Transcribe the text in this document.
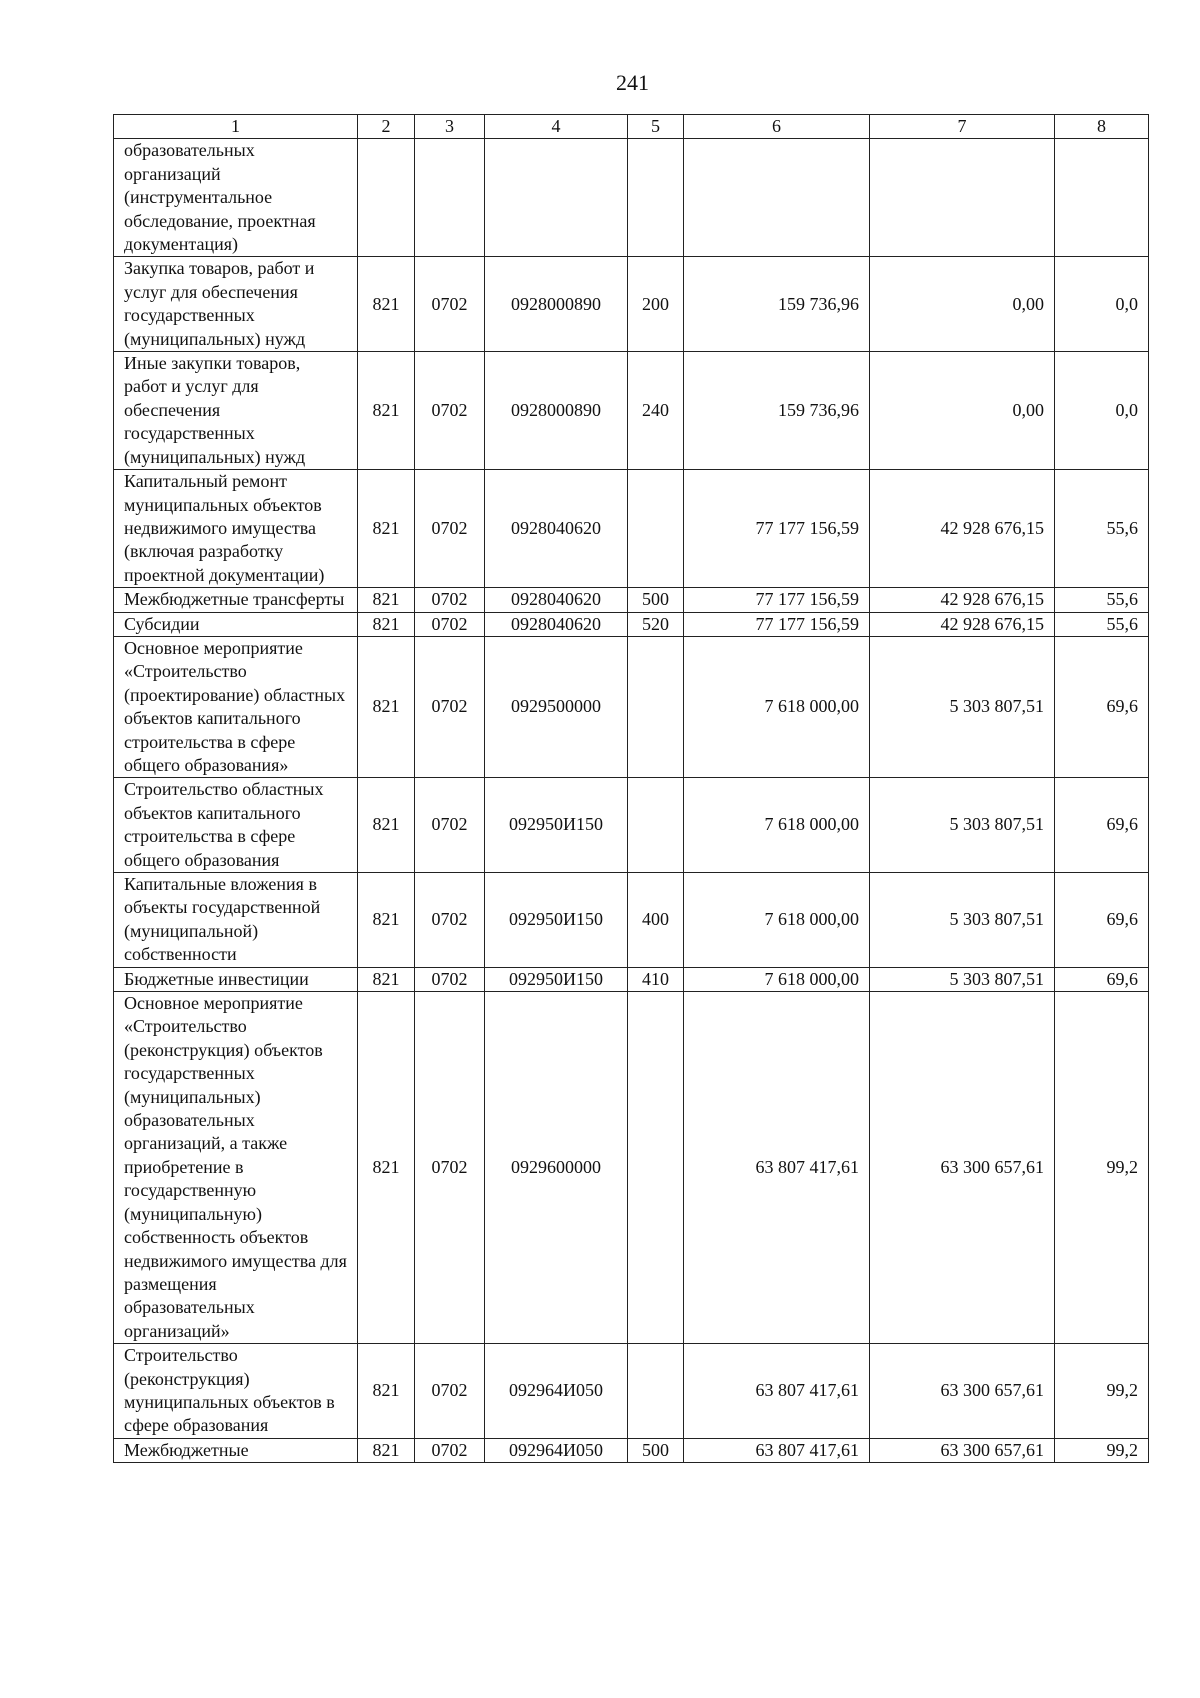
241
1	2	3	4	5	6	7	8
образовательных организаций (инструментальное обследование, проектная документация)							
Закупка товаров, работ и услуг для обеспечения государственных (муниципальных) нужд	821	0702	0928000890	200	159 736,96	0,00	0,0
Иные закупки товаров, работ и услуг для обеспечения государственных (муниципальных) нужд	821	0702	0928000890	240	159 736,96	0,00	0,0
Капитальный ремонт муниципальных объектов недвижимого имущества (включая разработку проектной документации)	821	0702	0928040620		77 177 156,59	42 928 676,15	55,6
Межбюджетные трансферты	821	0702	0928040620	500	77 177 156,59	42 928 676,15	55,6
Субсидии	821	0702	0928040620	520	77 177 156,59	42 928 676,15	55,6
Основное мероприятие «Строительство (проектирование) областных объектов капитального строительства в сфере общего образования»	821	0702	0929500000		7 618 000,00	5 303 807,51	69,6
Строительство областных объектов капитального строительства в сфере общего образования	821	0702	092950И150		7 618 000,00	5 303 807,51	69,6
Капитальные вложения в объекты государственной (муниципальной) собственности	821	0702	092950И150	400	7 618 000,00	5 303 807,51	69,6
Бюджетные инвестиции	821	0702	092950И150	410	7 618 000,00	5 303 807,51	69,6
Основное мероприятие «Строительство (реконструкция) объектов государственных (муниципальных) образовательных организаций, а также приобретение в государственную (муниципальную) собственность объектов недвижимого имущества для размещения образовательных организаций»	821	0702	0929600000		63 807 417,61	63 300 657,61	99,2
Строительство (реконструкция) муниципальных объектов в сфере образования	821	0702	092964И050		63 807 417,61	63 300 657,61	99,2
Межбюджетные	821	0702	092964И050	500	63 807 417,61	63 300 657,61	99,2
